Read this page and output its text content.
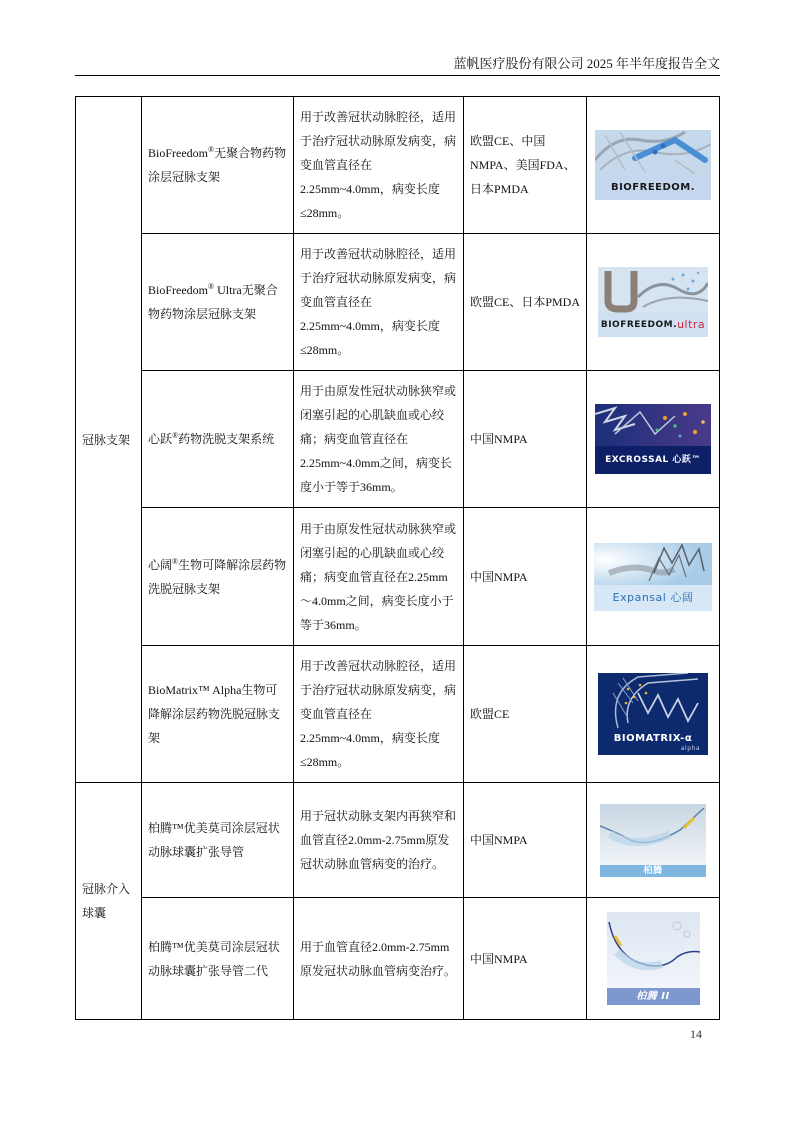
蓝帆医疗股份有限公司 2025 年半年度报告全文
冠脉支架	BioFreedom®无聚合物药物涂层冠脉支架	用于改善冠状动脉腔径，适用于治疗冠状动脉原发病变，病变血管直径在2.25mm~4.0mm，病变长度≤28mm。	欧盟CE、中国NMPA、美国FDA、日本PMDA	BIOFREEDOM.

	BioFreedom® Ultra无聚合物药物涂层冠脉支架	用于改善冠状动脉腔径，适用于治疗冠状动脉原发病变，病变血管直径在2.25mm~4.0mm，病变长度≤28mm。	欧盟CE、日本PMDA	BIOFREEDOM. ultra

	心跃®药物洗脱支架系统	用于由原发性冠状动脉狭窄或闭塞引起的心肌缺血或心绞痛；病变血管直径在2.25mm~4.0mm之间，病变长度小于等于36mm。	中国NMPA	EXCROSSAL 心跃™

	心阔®生物可降解涂层药物洗脱冠脉支架	用于由原发性冠状动脉狭窄或闭塞引起的心肌缺血或心绞痛；病变血管直径在2.25mm～4.0mm之间，病变长度小于等于36mm。	中国NMPA	Expansal 心阔

	BioMatrix™ Alpha生物可降解涂层药物洗脱冠脉支架	用于改善冠状动脉腔径，适用于治疗冠状动脉原发病变，病变血管直径在2.25mm~4.0mm，病变长度≤28mm。	欧盟CE	BIOMATRIX-α
alpha

冠脉介入球囊	柏腾™优美莫司涂层冠状动脉球囊扩张导管	用于冠状动脉支架内再狭窄和血管直径2.0mm-2.75mm原发冠状动脉血管病变的治疗。	中国NMPA	柏腾

	柏腾™优美莫司涂层冠状动脉球囊扩张导管二代	用于血管直径2.0mm-2.75mm原发冠状动脉血管病变治疗。	中国NMPA	柏腾 II
14
